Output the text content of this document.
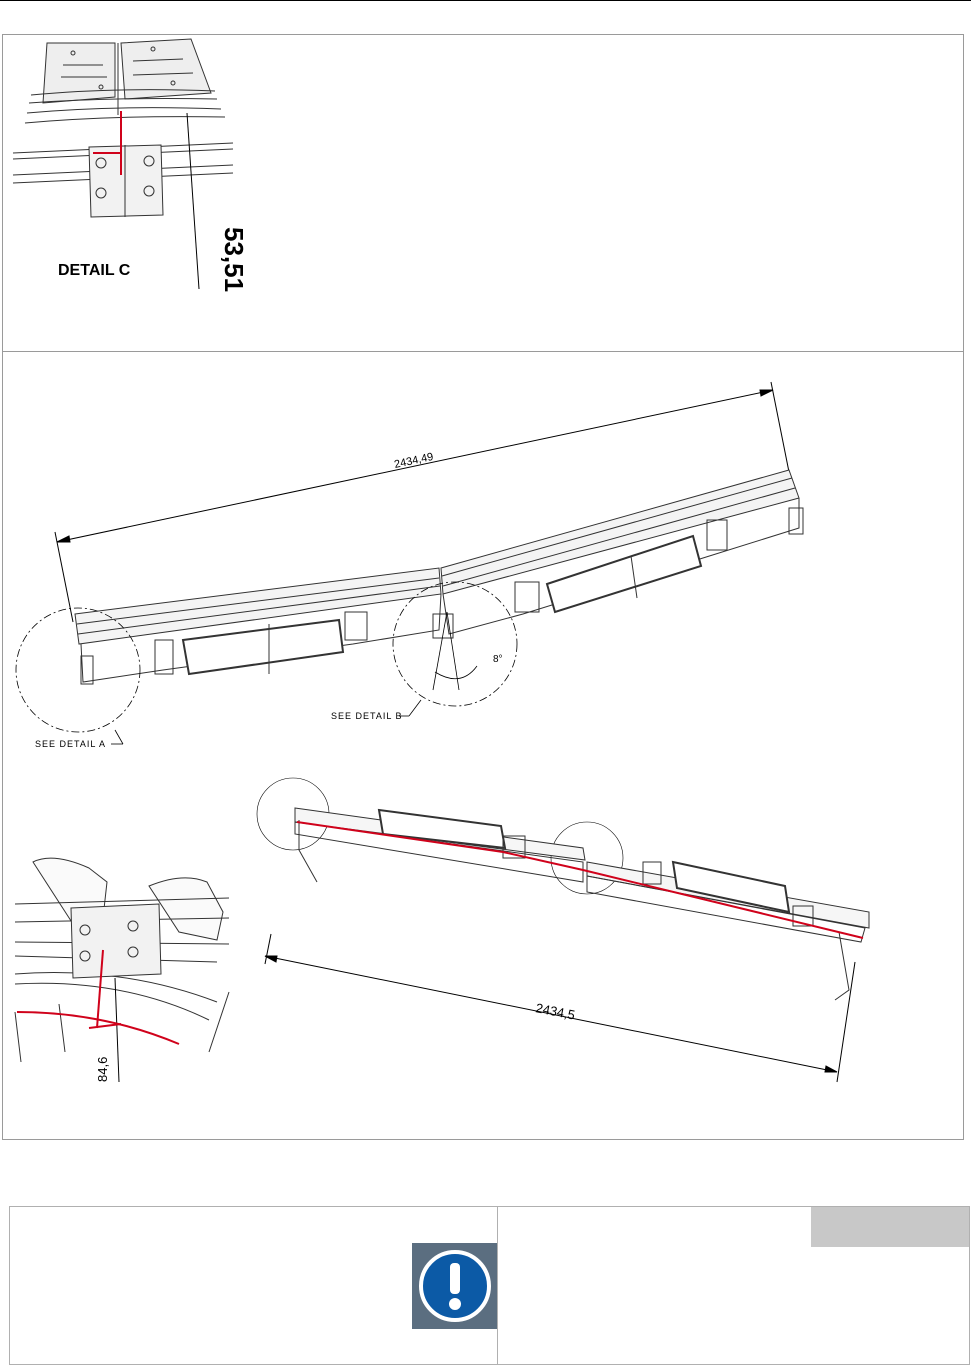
53,51
DETAIL C
2434,49
8°
SEE DETAIL A
SEE DETAIL B
84,6
2434,5
